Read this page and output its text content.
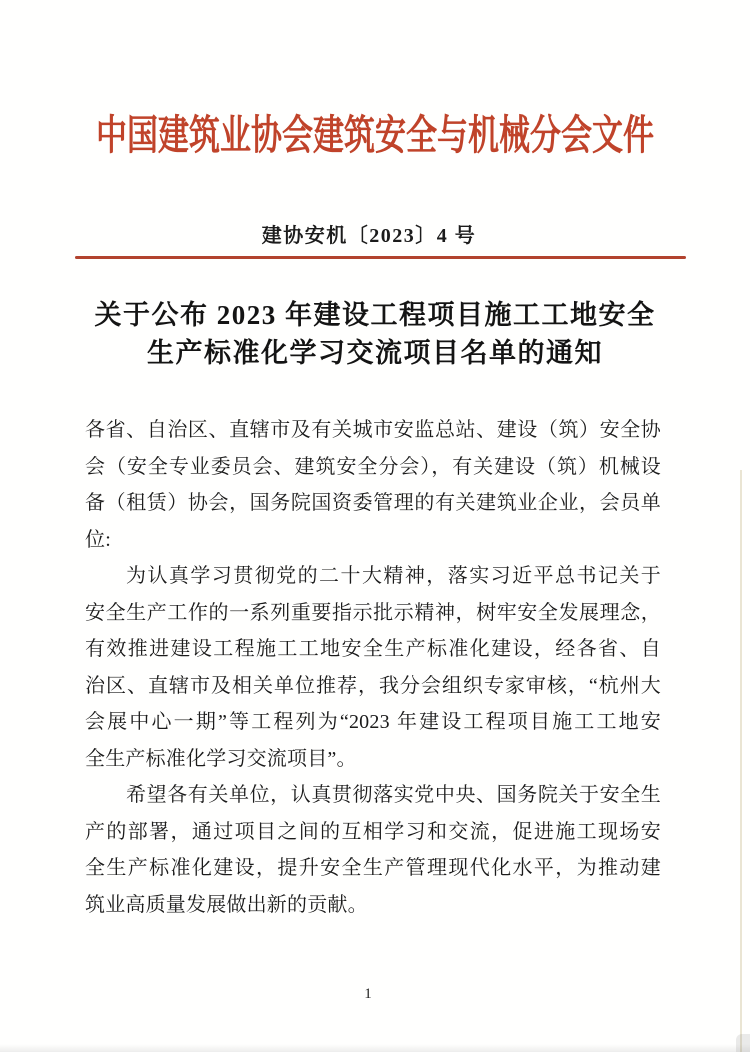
中国建筑业协会建筑安全与机械分会文件
建协安机〔2023〕4 号
关于公布 2023 年建设工程项目施工工地安全
生产标准化学习交流项目名单的通知
各省、自治区、直辖市及有关城市安监总站、建设（筑）安全协
会（安全专业委员会、建筑安全分会），有关建设（筑）机械设
备（租赁）协会，国务院国资委管理的有关建筑业企业，会员单
位:
为认真学习贯彻党的二十大精神，落实习近平总书记关于
安全生产工作的一系列重要指示批示精神，树牢安全发展理念，
有效推进建设工程施工工地安全生产标准化建设，经各省、自
治区、直辖市及相关单位推荐，我分会组织专家审核，“杭州大
会展中心一期”等工程列为“2023 年建设工程项目施工工地安
全生产标准化学习交流项目”。
希望各有关单位，认真贯彻落实党中央、国务院关于安全生
产的部署，通过项目之间的互相学习和交流，促进施工现场安
全生产标准化建设，提升安全生产管理现代化水平，为推动建
筑业高质量发展做出新的贡献。
1
